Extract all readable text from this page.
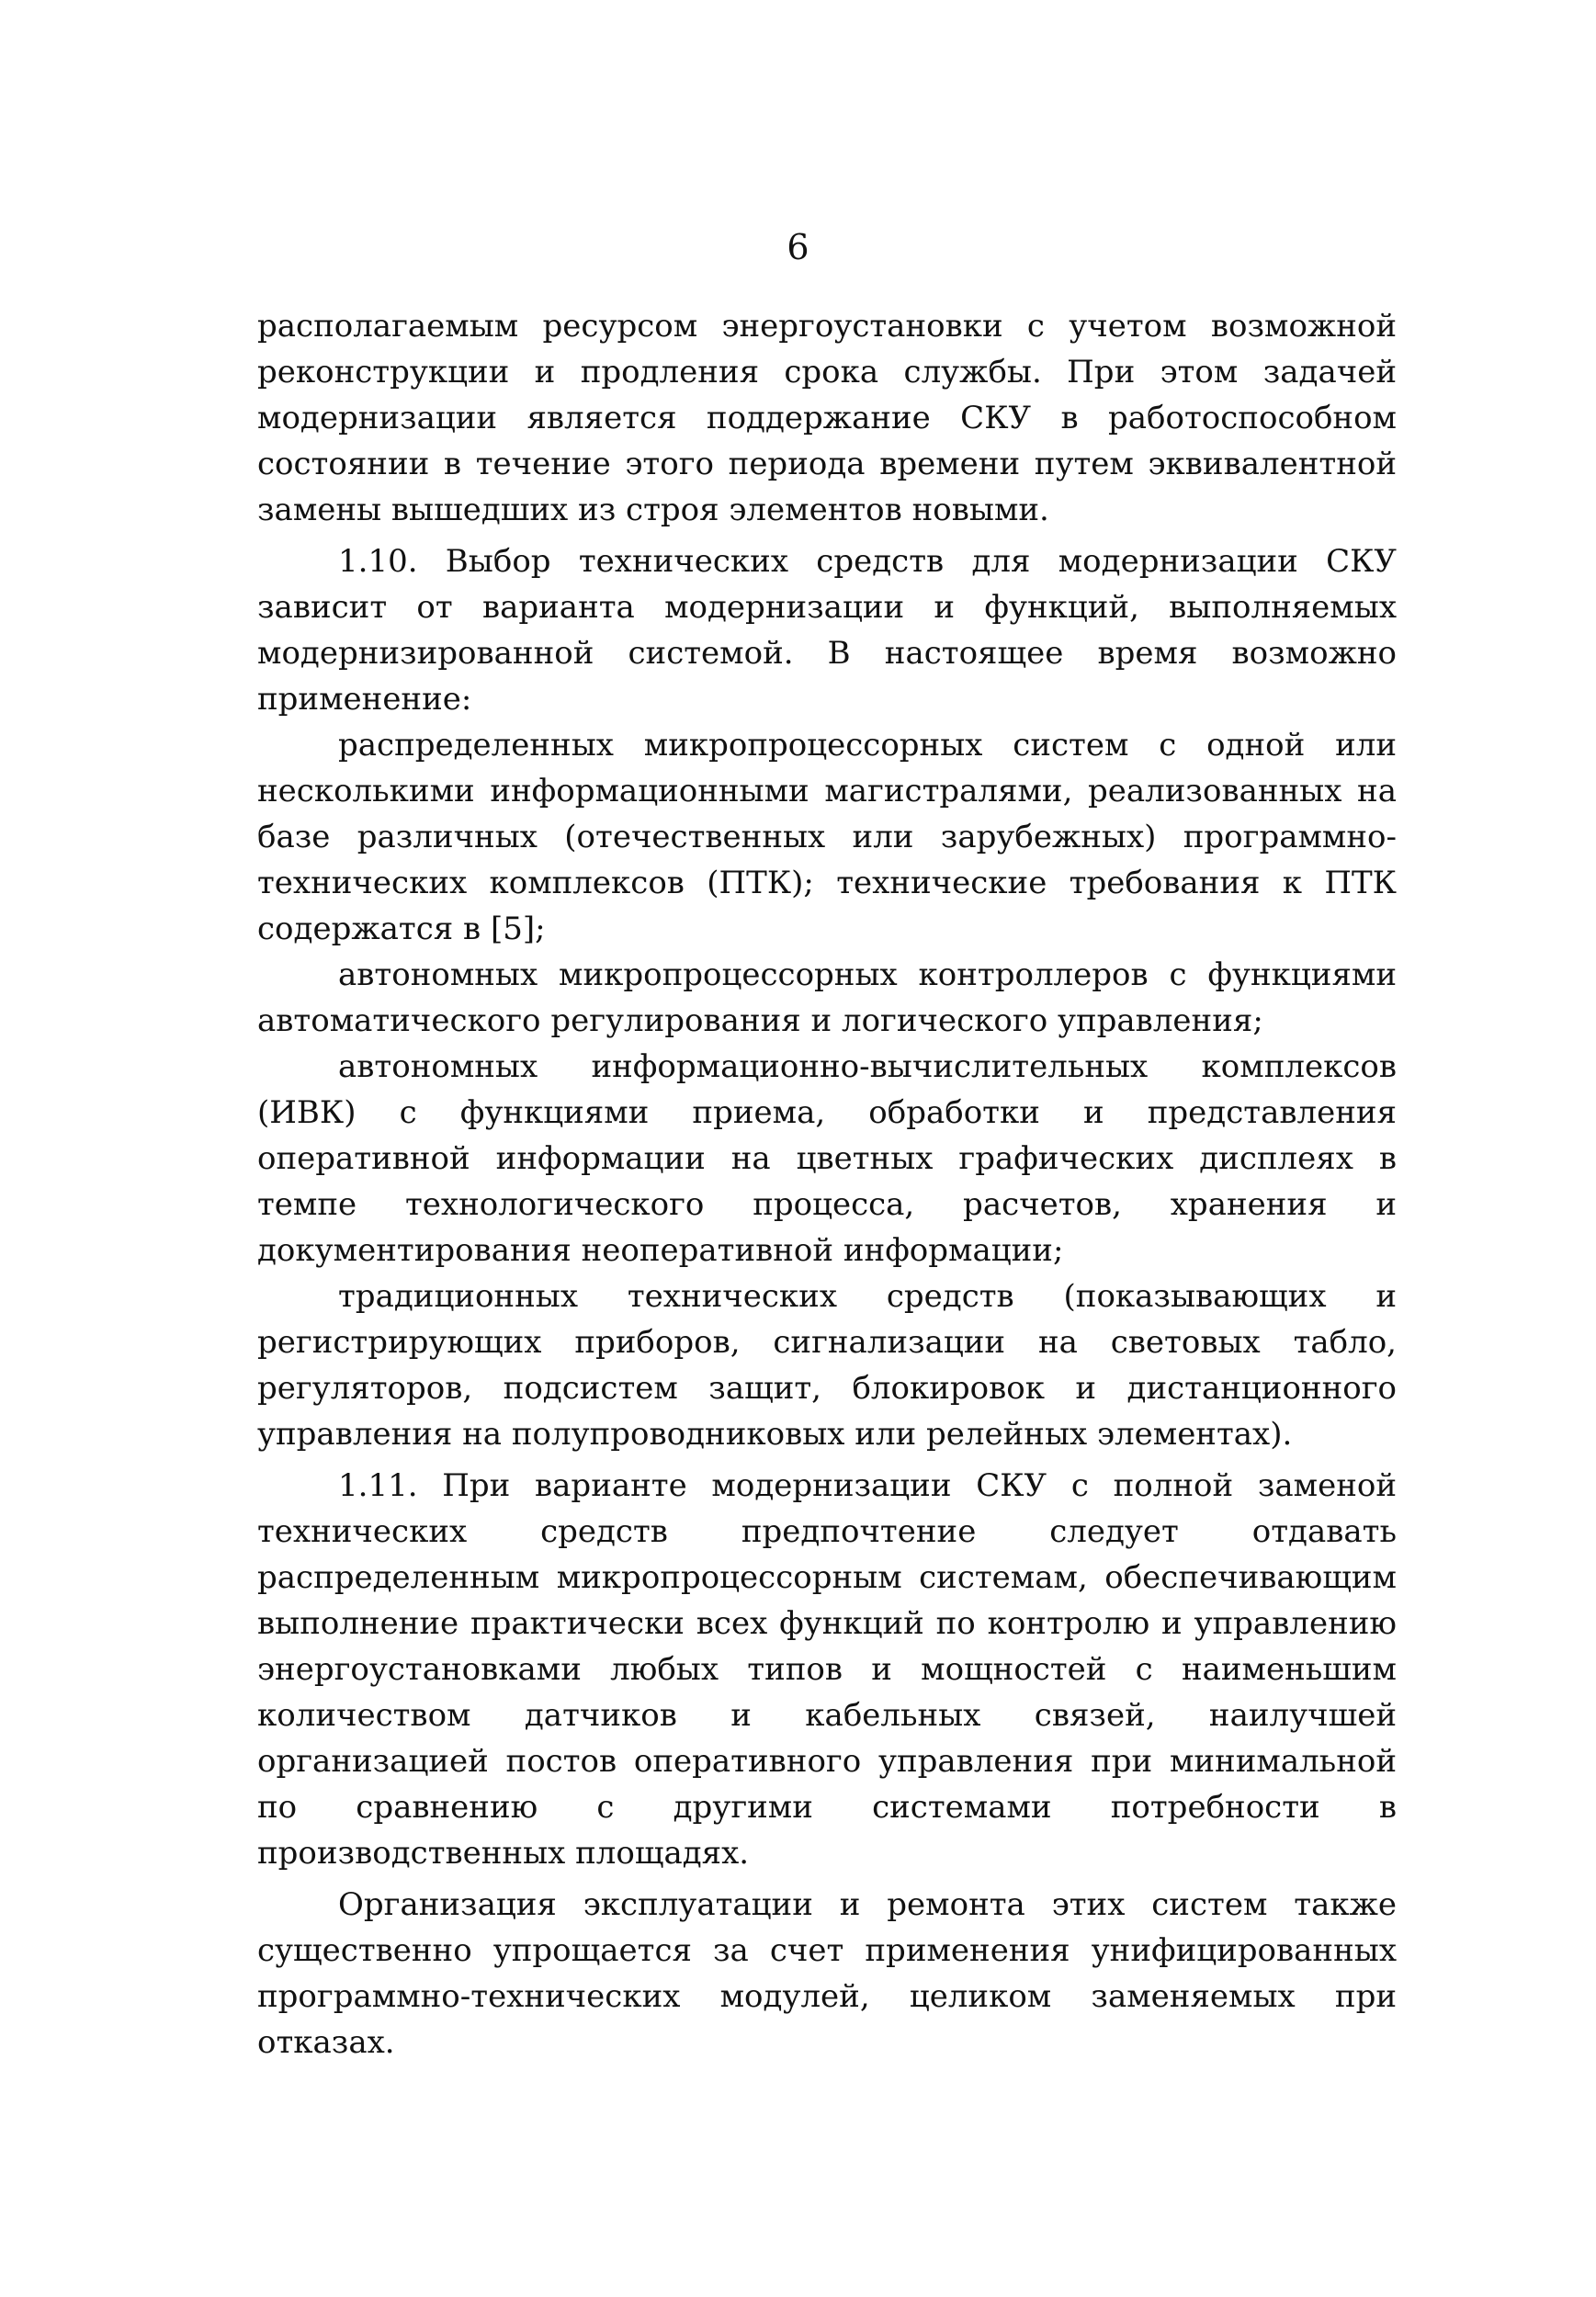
6

располагаемым ресурсом энергоустановки с учетом возможной реконструкции и продления срока службы. При этом задачей модернизации является поддержание СКУ в работоспособном состоянии в течение этого периода времени путем эквивалентной замены вышедших из строя элементов новыми.

1.10. Выбор технических средств для модернизации СКУ зависит от варианта модернизации и функций, выполняемых модернизированной системой. В настоящее время возможно применение:

распределенных микропроцессорных систем с одной или несколькими информационными магистралями, реализованных на базе различных (отечественных или зарубежных) программно-технических комплексов (ПТК); технические требования к ПТК содержатся в [5];

автономных микропроцессорных контроллеров с функциями автоматического регулирования и логического управления;

автономных информационно-вычислительных комплексов (ИВК) с функциями приема, обработки и представления оперативной информации на цветных графических дисплеях в темпе технологического процесса, расчетов, хранения и документирования неоперативной информации;

традиционных технических средств (показывающих и регистрирующих приборов, сигнализации на световых табло, регуляторов, подсистем защит, блокировок и дистанционного управления на полупроводниковых или релейных элементах).

1.11. При варианте модернизации СКУ с полной заменой технических средств предпочтение следует отдавать распределенным микропроцессорным системам, обеспечивающим выполнение практически всех функций по контролю и управлению энергоустановками любых типов и мощностей с наименьшим количеством датчиков и кабельных связей, наилучшей организацией постов оперативного управления при минимальной по сравнению с другими системами потребности в производственных площадях.

Организация эксплуатации и ремонта этих систем также существенно упрощается за счет применения унифицированных программно-технических модулей, целиком заменяемых при отказах.
